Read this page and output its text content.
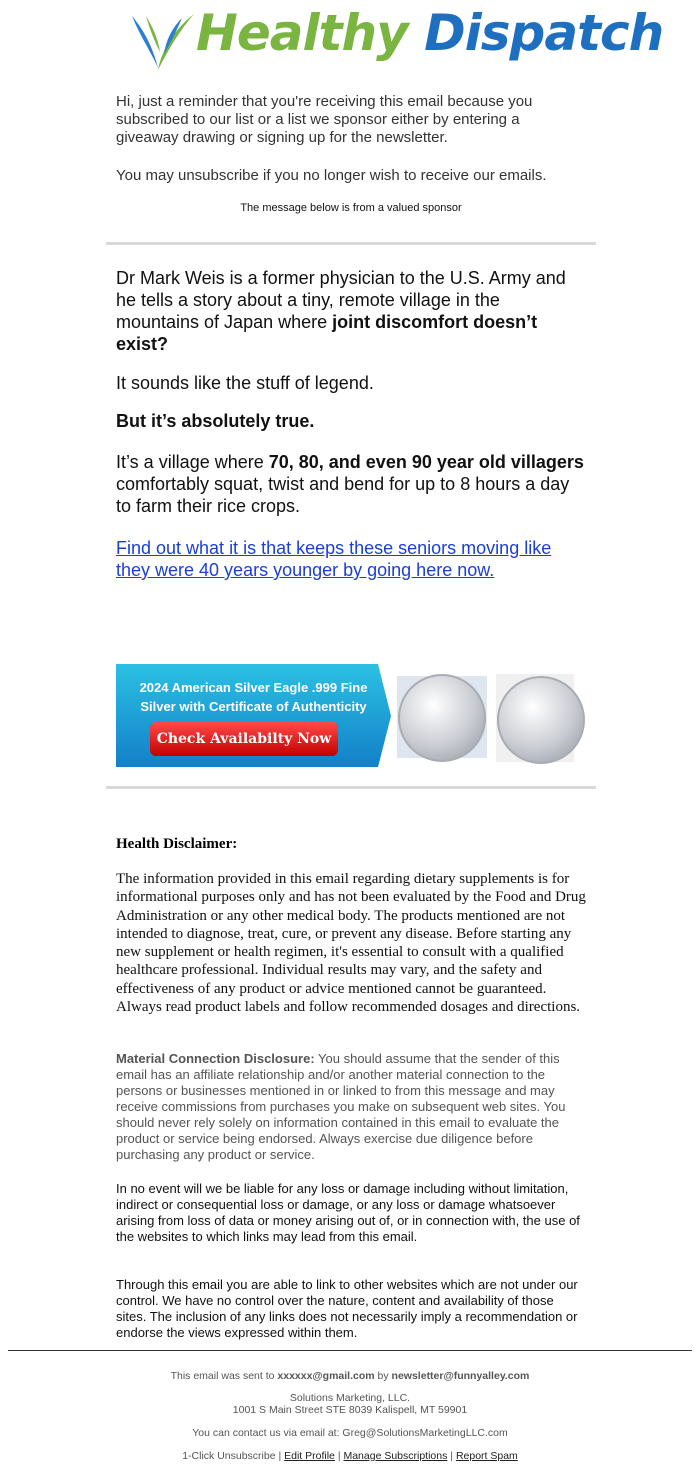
Healthy Dispatch

Hi, just a reminder that you're receiving this email because you subscribed to our list or a list we sponsor either by entering a giveaway drawing or signing up for the newsletter.

You may unsubscribe if you no longer wish to receive our emails.

The message below is from a valued sponsor

Dr Mark Weis is a former physician to the U.S. Army and he tells a story about a tiny, remote village in the mountains of Japan where joint discomfort doesn’t exist?

It sounds like the stuff of legend.

But it’s absolutely true.

It’s a village where 70, 80, and even 90 year old villagers comfortably squat, twist and bend for up to 8 hours a day to farm their rice crops.

Find out what it is that keeps these seniors moving like they were 40 years younger by going here now.

2024 American Silver Eagle .999 Fine
Silver with Certificate of Authenticity
Check Availabilty Now
Health Disclaimer:

The information provided in this email regarding dietary supplements is for informational purposes only and has not been evaluated by the Food and Drug Administration or any other medical body. The products mentioned are not intended to diagnose, treat, cure, or prevent any disease. Before starting any new supplement or health regimen, it's essential to consult with a qualified healthcare professional. Individual results may vary, and the safety and effectiveness of any product or advice mentioned cannot be guaranteed. Always read product labels and follow recommended dosages and directions.

Material Connection Disclosure: You should assume that the sender of this email has an affiliate relationship and/or another material connection to the persons or businesses mentioned in or linked to from this message and may receive commissions from purchases you make on subsequent web sites. You should never rely solely on information contained in this email to evaluate the product or service being endorsed. Always exercise due diligence before purchasing any product or service.

In no event will we be liable for any loss or damage including without limitation, indirect or consequential loss or damage, or any loss or damage whatsoever arising from loss of data or money arising out of, or in connection with, the use of the websites to which links may lead from this email.

Through this email you are able to link to other websites which are not under our control. We have no control over the nature, content and availability of those sites. The inclusion of any links does not necessarily imply a recommendation or endorse the views expressed within them.

This email was sent to xxxxxx@gmail.com by newsletter@funnyalley.com

Solutions Marketing, LLC.

1001 S Main Street STE 8039 Kalispell, MT 59901

You can contact us via email at: Greg@SolutionsMarketingLLC.com

1-Click Unsubscribe | Edit Profile | Manage Subscriptions | Report Spam
